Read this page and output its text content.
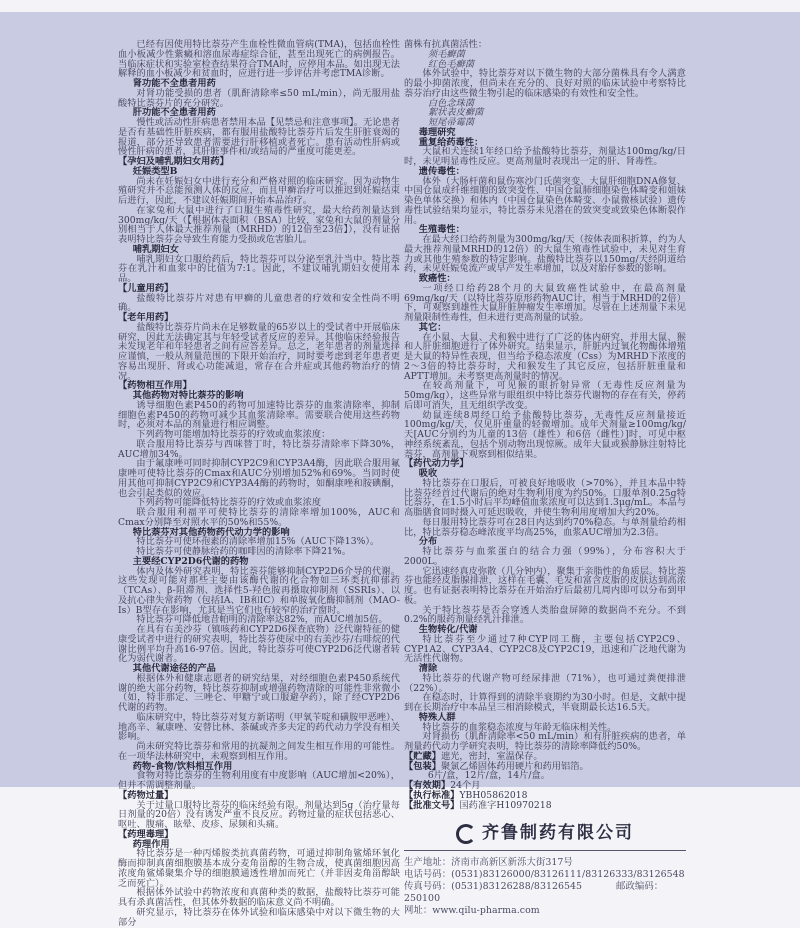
已经有因使用特比萘芬产生血栓性微血管病(TMA)，包括血栓性血小板减少性紫癜和溶血尿毒症综合征，甚至出现死亡的病例报告。当临床症状和实验室检查结果符合TMA时，应停用本品。如出现无法解释的血小板减少和贫血时，应进行进一步评估并考虑TMA诊断。
肾功能不全患者用药
对肾功能受损的患者（肌酐清除率≤50 mL/min），尚无服用盐酸特比萘芬片的充分研究。
肝功能不全患者用药
慢性或活动性肝病患者禁用本品【见禁忌和注意事项】。无论患者是否有基础性肝脏疾病，都有服用盐酸特比萘芬片后发生肝脏衰竭的报道，部分还导致患者需要进行肝移植或者死亡。患有活动性肝病或慢性肝病的患者，其肝脏事件和/或结局的严重度可能更差。
【孕妇及哺乳期妇女用药】
妊娠类型B
尚未在妊娠妇女中进行充分和严格对照的临床研究。因为动物生殖研究并不总能预测人体的反应，而且甲癣治疗可以推迟到妊娠结束后进行，因此，不建议妊娠期间开始本品治疗。
在家兔和大鼠中进行了口服生殖毒性研究，最大给药剂量达到300mg/kg/天（【根据体表面积（BSA）比较，家兔和大鼠的剂量分别相当于人体最大推荐剂量（MRHD）的12倍至23倍】），没有证据表明特比萘芬会导致生育能力受损或危害胎儿。
哺乳期妇女
哺乳期妇女口服给药后，特比萘芬可以分泌至乳汁当中。特比萘芬在乳汁和血浆中的比值为7:1。因此，不建议哺乳期妇女使用本品。
【儿童用药】
盐酸特比萘芬片对患有甲癣的儿童患者的疗效和安全性尚不明确。
【老年用药】
盐酸特比萘芬片尚未在足够数量的65岁以上的受试者中开展临床研究，因此无法确定其与年轻受试者反应的差异。其他临床经验报告未发现老年和年轻患者之间有应答差异。总之，老年患者的剂量选择应谨慎，一般从剂量范围的下限开始治疗，同时要考虑到老年患者更容易出现肝、肾或心功能减退，常存在合并症或其他药物治疗的情况。
【药物相互作用】
其他药物对特比萘芬的影响
诱导细胞色素P450的药物可加速特比萘芬的血浆清除率，抑制细胞色素P450的药物可减少其血浆清除率。需要联合使用这些药物时，必须对本品的剂量进行相应调整。
下列药物可能增加特比萘芬的疗效或血浆浓度：
联合服用特比萘芬与西咪替丁时，特比萘芬清除率下降30%，AUC增加34%。
由于氟康唑可同时抑制CYP2C9和CYP3A4酶，因此联合服用氟康唑可使特比萘芬的Cmax和AUC分别增加52%和69%。当同时使用其他可抑制CYP2C9和CYP3A4酶的药物时，如酮康唑和胺碘酮，也会引起类似的效应。
下列药物可能降低特比萘芬的疗效或血浆浓度
联合服用利福平可使特比萘芬的清除率增加100%，AUC和Cmax分别降至对照水平的50%和55%。
特比萘芬对其他药物药代动力学的影响
特比萘芬可使环孢素的清除率增加15%（AUC下降13%）。
特比萘芬可使静脉给药的咖啡因的清除率下降21%。
主要经CYP2D6代谢的药物
体内及体外研究表明，特比萘芬能够抑制CYP2D6介导的代谢。这些发现可能对那些主要由该酶代谢的化合物如三环类抗抑郁药（TCAs）、β-阻滞剂、选择性5-羟色胺再摄取抑制剂（SSRIs）、以及抗心律失常药物（包括IA、IB和IC）和单胺氧化酶抑制剂（MAO-Is）B型存在影响，尤其是当它们也有较窄的治疗窗时。
特比萘芬可降低地昔帕明的清除率达82%，而AUC增加5倍。
在具有右美沙芬（镇咳药和CYP2D6探查底物）泛代谢特征的健康受试者中进行的研究表明，特比萘芬使尿中的右美沙芬/右啡烷的代谢比例平均升高16-97倍。因此，特比萘芬可使CYP2D6泛代谢者转化为弱代谢者。
其他代谢途径的产品
根据体外和健康志愿者的研究结果，对经细胞色素P450系统代谢的绝大部分药物，特比萘芬抑制或增强药物清除的可能性非常微小（如，特非那定、三唑仑、甲糖宁或口服避孕药），除了经CYP2D6代谢的药物。
临床研究中，特比萘芬对复方新诺明（甲氧苄啶和磺胺甲恶唑）、地高辛、氟康唑、安替比林、茶碱或齐多夫定的药代动力学没有相关影响。
尚未研究特比萘芬和常用的抗凝剂之间发生相互作用的可能性。在一项华法林研究中，未观察到相互作用。
药物-食物/饮料相互作用
食物对特比萘芬的生物利用度有中度影响（AUC增加<20%），但并不需调整剂量。
【药物过量】
关于过量口服特比萘芬的临床经验有限。剂量达到5g（治疗量每日剂量的20倍）没有诱发严重不良反应。药物过量的症状包括恶心、呕吐、腹痛、眩晕、皮疹、尿频和头痛。
【药理毒理】
药理作用
特比萘芬是一种丙烯胺类抗真菌药物，可通过抑制角鲨烯环氧化酶而抑制真菌细胞膜基本成分麦角甾醇的生物合成，使真菌细胞因高浓度角鲨烯聚集介导的细胞膜通透性增加而死亡（并非因麦角甾醇缺乏而死亡）。
根据体外试验中药物浓度和真菌种类的数据，盐酸特比萘芬可能具有杀真菌活性，但其体外数据的临床意义尚不明确。
研究显示，特比萘芬在体外试验和临床感染中对以下微生物的大部分
菌株有抗真菌活性：
须毛癣菌
红色毛癣菌
体外试验中，特比萘芬对以下微生物的大部分菌株具有令人满意的最小抑菌浓度，但尚未在充分的、良好对照的临床试验中考察特比萘芬治疗由这些微生物引起的临床感染的有效性和安全性。
白色念珠菌
絮状表皮癣菌
短尾帚霉菌
毒理研究
重复给药毒性：
大鼠和犬连续1年经口给予盐酸特比萘芬，剂量达100mg/kg/日时，未见明显毒性反应。更高剂量时表现出一定的肝、肾毒性。
遗传毒性：
体外（大肠杆菌和鼠伤寒沙门氏菌突变、大鼠肝细胞DNA修复、中国仓鼠成纤维细胞的致突变性、中国仓鼠肺细胞染色体畸变和姐妹染色单体交换）和体内（中国仓鼠染色体畸变、小鼠微核试验）遗传毒性试验结果均显示，特比萘芬未见潜在的致突变或致染色体断裂作用。
生殖毒性：
在最大经口给药剂量为300mg/kg/天（按体表面积折算，约为人最大推荐剂量MRHD的12倍）的大鼠生殖毒性试验中，未见对生育力或其他生殖参数的特定影响。盐酸特比萘芬以150mg/天经阴道给药，未见妊娠兔流产或早产发生率增加，以及对胎仔参数的影响。
致癌性：
一项经口给药28个月的大鼠致癌性试验中，在最高剂量69mg/kg/天（以特比萘芬原形药物AUC计，相当于MRHD的2倍）下，可观察到雄性大鼠肝脏肿瘤发生率增加。尽管在上述剂量下未见剂量限制性毒性，但未进行更高剂量的试验。
其它：
在小鼠、大鼠、犬和猴中进行了广泛的体内研究，并用大鼠、猴和人肝脏细胞进行了体外研究。结果显示，肝脏内过氧化物酶体增殖是大鼠的特异性表现，但当给予稳态浓度（Css）为MRHD下浓度的2～3倍的特比萘芬时，犬和猴发生了其它反应，包括肝脏重量和APTT增加。未考察更高剂量时的情况。
在较高剂量下，可见猴的眼折射异常（无毒性反应剂量为50mg/kg），这些异常与眼组织中特比萘芬代谢物的存在有关，停药后即可消失，且无组织学改变。
幼鼠连续8周经口给予盐酸特比萘芬，无毒性反应剂量接近100mg/kg/天，仅见肝重量的轻微增加。成年犬剂量≥100mg/kg/天[AUC分别约为儿童的13倍（雄性）和6倍（雌性）]时，可见中枢神经系统紊乱，包括个别动物出现惊厥。成年大鼠或猴静脉注射特比萘芬，高剂量下观察到相似结果。
【药代动力学】
吸收
特比萘芬在口服后，可被良好地吸收（>70%），并且本品中特比萘芬经首过代谢后的绝对生物利用度为约50%。口服单剂0.25g特比萘芬，在1.5小时后平均峰值血浆浓度可以达到1.3μg/mL。本品与高脂膳食同时摄入可延迟吸收，并使生物利用度增加大约20%。
每日服用特比萘芬可在28日内达到约70%稳态。与单剂量给药相比，特比萘芬稳态峰浓度平均高25%，血浆AUC增加为2.3倍。
分布
特比萘芬与血浆蛋白的结合力强（99%），分布容积大于2000L。
它迅速经真皮弥散（几分钟内），聚集于亲脂性的角质层。特比萘芬也能经皮脂腺排泄，这样在毛囊、毛发和富含皮脂的皮肤达到高浓度。也有证据表明特比萘芬在开始治疗后最初几周内即可以分布到甲板。
关于特比萘芬是否会穿透人类胎盘屏障的数据尚不充分。不到0.2%的服药剂量经乳汁排泄。
生物转化/代谢
特比萘芬至少通过7种CYP同工酶，主要包括CYP2C9、CYP1A2、CYP3A4、CYP2C8及CYP2C19，迅速和广泛地代谢为无活性代谢物。
清除
特比萘芬的代谢产物可经尿排泄（71%），也可通过粪便排泄（22%）。
在稳态时，计算得到的清除半衰期约为30小时。但是，文献中提到在长期治疗中本品呈三相消除模式，半衰期最长达16.5天。
特殊人群
特比萘芬的血浆稳态浓度与年龄无临床相关性。
对肾损伤（肌酐清除率<50 mL/min）和有肝脏疾病的患者，单剂量药代动力学研究表明，特比萘芬的清除率降低约50%。
【贮藏】遮光，密封，室温保存。
【包装】聚氯乙烯固体药用硬片和药用铝箔。
6片/盒，12片/盒，14片/盒。
【有效期】24个月
【执行标准】YBH05862018
【批准文号】国药准字H10970218
齐鲁制药有限公司
生产地址：济南市高新区新泺大街317号
电话号码：(0531)83126000/83126111/83126333/83126548
传真号码：(0531)83126288/83126545	邮政编码：250100
网址：www.qilu-pharma.com
